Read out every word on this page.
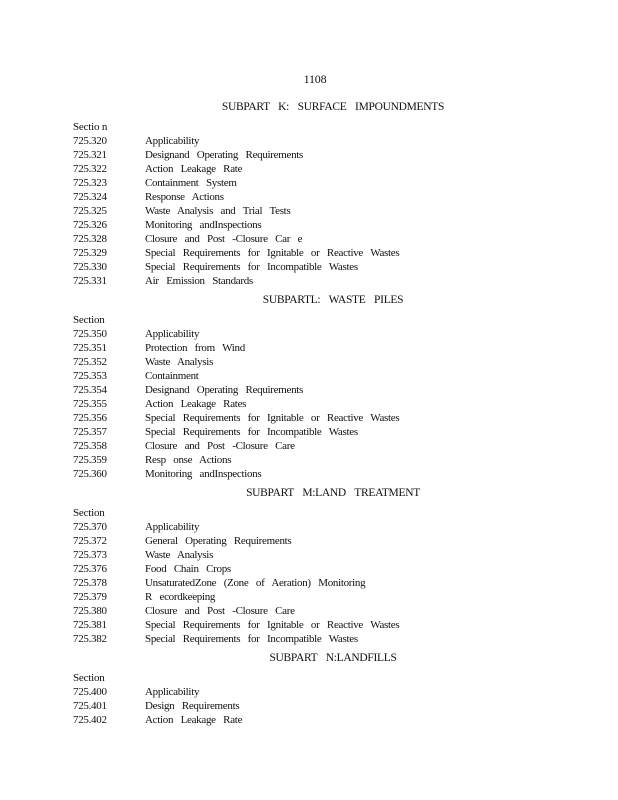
1108
SUBPART K: SURFACE IMPOUNDMENTS
Sectio n
725.320	Applicability
725.321	Designand Operating Requirements
725.322	Action Leakage Rate
725.323	Containment System
725.324	Response Actions
725.325	Waste Analysis and Trial Tests
725.326	Monitoring andInspections
725.328	Closure and Post -Closure Car e
725.329	Special Requirements for Ignitable or Reactive Wastes
725.330	Special Requirements for Incompatible Wastes
725.331	Air Emission Standards
SUBPARTL: WASTE PILES
Section
725.350	Applicability
725.351	Protection from Wind
725.352	Waste Analysis
725.353	Containment
725.354	Designand Operating Requirements
725.355	Action Leakage Rates
725.356	Special Requirements for Ignitable or Reactive Wastes
725.357	Special Requirements for Incompatible Wastes
725.358	Closure and Post -Closure Care
725.359	Resp onse Actions
725.360	Monitoring andInspections
SUBPART M:LAND TREATMENT
Section
725.370	Applicability
725.372	General Operating Requirements
725.373	Waste Analysis
725.376	Food Chain Crops
725.378	UnsaturatedZone (Zone of Aeration) Monitoring
725.379	R ecordkeeping
725.380	Closure and Post -Closure Care
725.381	Special Requirements for Ignitable or Reactive Wastes
725.382	Special Requirements for Incompatible Wastes
SUBPART N:LANDFILLS
Section
725.400	Applicability
725.401	Design Requirements
725.402	Action Leakage Rate
